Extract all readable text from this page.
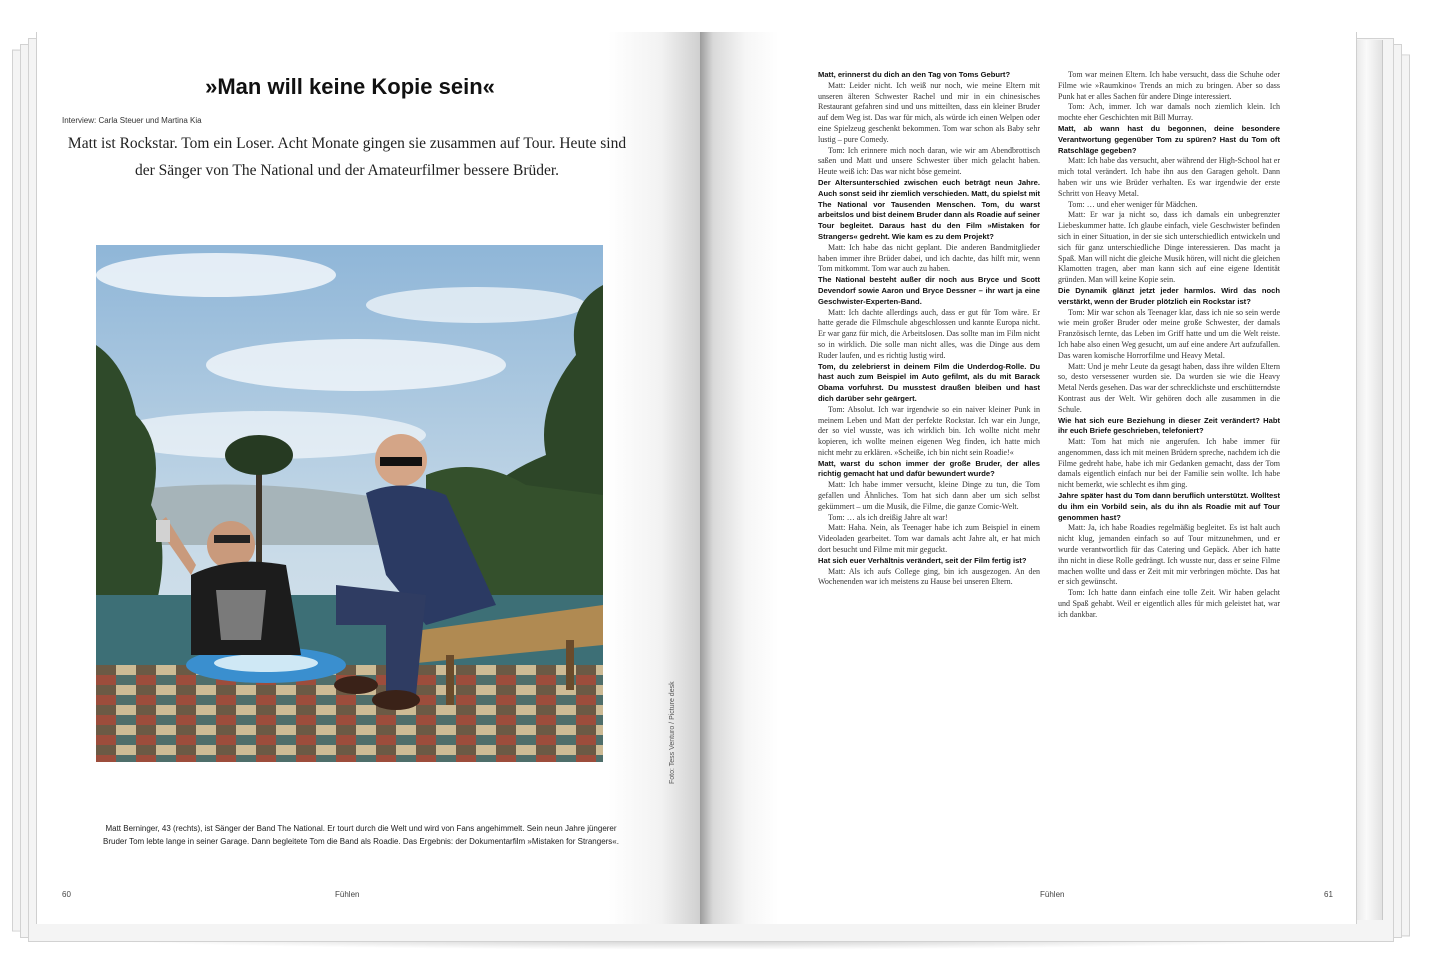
»Man will keine Kopie sein«
Interview: Carla Steuer und Martina Kia
Matt ist Rockstar. Tom ein Loser. Acht Monate gingen sie zusammen auf Tour. Heute sind der Sänger von The National und der Amateurfilmer bessere Brüder.
Matt Berninger, 43 (rechts), ist Sänger der Band The National. Er tourt durch die Welt und wird von Fans angehimmelt. Sein neun Jahre jüngerer Bruder Tom lebte lange in seiner Garage. Dann begleitete Tom die Band als Roadie. Das Ergebnis: der Dokumentarfilm »Mistaken for Strangers«.
60	Fühlen
Foto: Tess Venturo / Picture desk

Matt, erinnerst du dich an den Tag von Toms Geburt?

Matt: Leider nicht. Ich weiß nur noch, wie meine Eltern mit unseren älteren Schwester Rachel und mir in ein chinesisches Restaurant gefahren sind und uns mitteilten, dass ein kleiner Bruder auf dem Weg ist. Das war für mich, als würde ich einen Welpen oder eine Spielzeug geschenkt bekommen. Tom war schon als Baby sehr lustig – pure Comedy.

Tom: Ich erinnere mich noch daran, wie wir am Abendbrottisch saßen und Matt und unsere Schwester über mich gelacht haben. Heute weiß ich: Das war nicht böse gemeint.

Der Altersunterschied zwischen euch beträgt neun Jahre. Auch sonst seid ihr ziemlich verschieden. Matt, du spielst mit The National vor Tausenden Menschen. Tom, du warst arbeitslos und bist deinem Bruder dann als Roadie auf seiner Tour begleitet. Daraus hast du den Film »Mistaken for Strangers« gedreht. Wie kam es zu dem Projekt?

Matt: Ich habe das nicht geplant. Die anderen Bandmitglieder haben immer ihre Brüder dabei, und ich dachte, das hilft mir, wenn Tom mitkommt. Tom war auch zu haben.

The National besteht außer dir noch aus Bryce und Scott Devendorf sowie Aaron und Bryce Dessner – ihr wart ja eine Geschwister-Experten-Band.

Matt: Ich dachte allerdings auch, dass er gut für Tom wäre. Er hatte gerade die Filmschule abgeschlossen und kannte Europa nicht. Er war ganz für mich, die Arbeitslosen. Das sollte man im Film nicht so in wirklich. Die solle man nicht alles, was die Dinge aus dem Ruder laufen, und es richtig lustig wird.

Tom, du zelebrierst in deinem Film die Underdog-Rolle. Du hast auch zum Beispiel im Auto gefilmt, als du mit Barack Obama vorfuhrst. Du musstest draußen bleiben und hast dich darüber sehr geärgert.

Tom: Absolut. Ich war irgendwie so ein naiver kleiner Punk in meinem Leben und Matt der perfekte Rockstar. Ich war ein Junge, der so viel wusste, was ich wirklich bin. Ich wollte nicht mehr kopieren, ich wollte meinen eigenen Weg finden, ich hatte mich nicht mehr zu erklären. »Scheiße, ich bin nicht sein Roadie!«

Matt, warst du schon immer der große Bruder, der alles richtig gemacht hat und dafür bewundert wurde?

Matt: Ich habe immer versucht, kleine Dinge zu tun, die Tom gefallen und Ähnliches. Tom hat sich dann aber um sich selbst gekümmert – um die Musik, die Filme, die ganze Comic-Welt.

Tom: … als ich dreißig Jahre alt war!

Matt: Haha. Nein, als Teenager habe ich zum Beispiel in einem Videoladen gearbeitet. Tom war damals acht Jahre alt, er hat mich dort besucht und Filme mit mir geguckt.

Hat sich euer Verhältnis verändert, seit der Film fertig ist?

Matt: Als ich aufs College ging, bin ich ausgezogen. An den Wochenenden war ich meistens zu Hause bei unseren Eltern.

Tom war meinen Eltern. Ich habe versucht, dass die Schuhe oder Filme wie »Raumkino« Trends an mich zu bringen. Aber so dass Punk hat er alles Sachen für andere Dinge interessiert.

Tom: Ach, immer. Ich war damals noch ziemlich klein. Ich mochte eher Geschichten mit Bill Murray.

Matt, ab wann hast du begonnen, deine besondere Verantwortung gegenüber Tom zu spüren? Hast du Tom oft Ratschläge gegeben?

Matt: Ich habe das versucht, aber während der High-School hat er mich total verändert. Ich habe ihn aus den Garagen geholt. Dann haben wir uns wie Brüder verhalten. Es war irgendwie der erste Schritt von Heavy Metal.

Tom: … und eher weniger für Mädchen.

Matt: Er war ja nicht so, dass ich damals ein unbegrenzter Liebeskummer hatte. Ich glaube einfach, viele Geschwister befinden sich in einer Situation, in der sie sich unterschiedlich entwickeln und sich für ganz unterschiedliche Dinge interessieren. Das macht ja Spaß. Man will nicht die gleiche Musik hören, will nicht die gleichen Klamotten tragen, aber man kann sich auf eine eigene Identität gründen. Man will keine Kopie sein.

Die Dynamik glänzt jetzt jeder harmlos. Wird das noch verstärkt, wenn der Bruder plötzlich ein Rockstar ist?

Tom: Mir war schon als Teenager klar, dass ich nie so sein werde wie mein großer Bruder oder meine große Schwester, der damals Französisch lernte, das Leben im Griff hatte und um die Welt reiste. Ich habe also einen Weg gesucht, um auf eine andere Art aufzufallen. Das waren komische Horrorfilme und Heavy Metal.

Matt: Und je mehr Leute da gesagt haben, dass ihre wilden Eltern so, desto versessener wurden sie. Da wurden sie wie die Heavy Metal Nerds gesehen. Das war der schrecklichste und erschütterndste Kontrast aus der Welt. Wir gehören doch alle zusammen in die Schule.

Wie hat sich eure Beziehung in dieser Zeit verändert? Habt ihr euch Briefe geschrieben, telefoniert?

Matt: Tom hat mich nie angerufen. Ich habe immer für angenommen, dass ich mit meinen Brüdern spreche, nachdem ich die Filme gedreht habe, habe ich mir Gedanken gemacht, dass der Tom damals eigentlich einfach nur bei der Familie sein wollte. Ich habe nicht bemerkt, wie schlecht es ihm ging.

Jahre später hast du Tom dann beruflich unterstützt. Wolltest du ihm ein Vorbild sein, als du ihn als Roadie mit auf Tour genommen hast?

Matt: Ja, ich habe Roadies regelmäßig begleitet. Es ist halt auch nicht klug, jemanden einfach so auf Tour mitzunehmen, und er wurde verantwortlich für das Catering und Gepäck. Aber ich hatte ihn nicht in diese Rolle gedrängt. Ich wusste nur, dass er seine Filme machen wollte und dass er Zeit mit mir verbringen möchte. Das hat er sich gewünscht.

Tom: Ich hatte dann einfach eine tolle Zeit. Wir haben gelacht und Spaß gehabt. Weil er eigentlich alles für mich geleistet hat, war ich dankbar.

Fühlen	61
